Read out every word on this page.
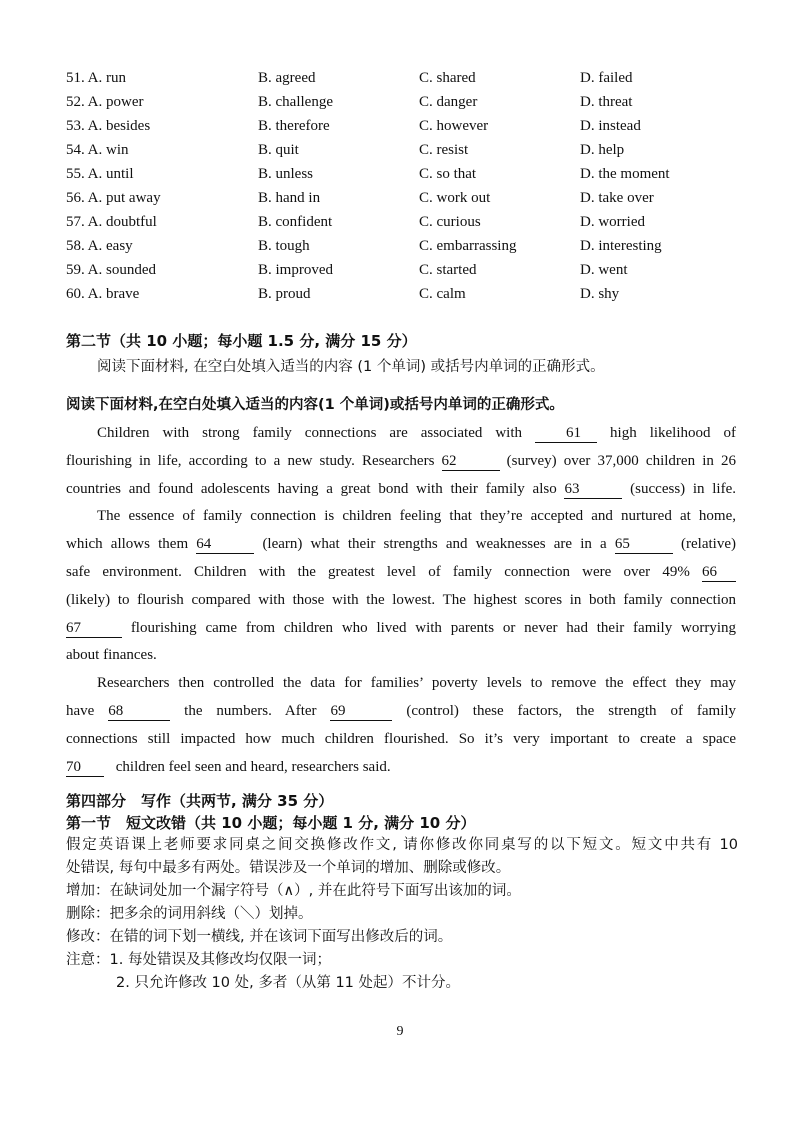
51. A. run	B. agreed	C. shared	D. failed
52. A. power	B. challenge	C. danger	D. threat
53. A. besides	B. therefore	C. however	D. instead
54. A. win	B. quit	C. resist	D. help
55. A. until	B. unless	C. so that	D. the moment
56. A. put away	B. hand in	C. work out	D. take over
57. A. doubtful	B. confident	C. curious	D. worried
58. A. easy	B. tough	C. embarrassing	D. interesting
59. A. sounded	B. improved	C. started	D. went
60. A. brave	B. proud	C. calm	D. shy
第二节（共 10 小题；每小题 1.5 分, 满分 15 分）
阅读下面材料, 在空白处填入适当的内容 (1 个单词) 或括号内单词的正确形式。
阅读下面材料,在空白处填入适当的内容(1 个单词)或括号内单词的正确形式。
Children with strong family connections are associated with	61 high likelihood of
flourishing in life, according to a new study. Researchers 62	(survey) over 37,000 children in 26
countries and found adolescents having a great bond with their family also 63	(success) in life.
The essence of family connection is children feeling that they’re accepted and nurtured at home,
which allows them 64	(learn) what their strengths and weaknesses are in a 65	(relative)
safe environment. Children with the greatest level of family connection were over 49% 66
(likely) to flourish compared with those with the lowest. The highest scores in both family connection
67	flourishing came from children who lived with parents or never had their family worrying
about finances.
Researchers then controlled the data for families’ poverty levels to remove the effect they may
have 68	the numbers. After 69	(control) these factors, the strength of family
connections still impacted how much children flourished. So it’s very important to create a space
70 children feel seen and heard, researchers said.
第四部分　写作（共两节, 满分 35 分）
第一节　短文改错（共 10 小题；每小题 1 分, 满分 10 分）
假定英语课上老师要求同桌之间交换修改作文, 请你修改你同桌写的以下短文。短文中共有 10
处错误, 每句中最多有两处。错误涉及一个单词的增加、删除或修改。
增加：在缺词处加一个漏字符号（∧）, 并在此符号下面写出该加的词。
删除：把多余的词用斜线（＼）划掉。
修改：在错的词下划一横线, 并在该词下面写出修改后的词。
注意：1. 每处错误及其修改均仅限一词；
2. 只允许修改 10 处, 多者（从第 11 处起）不计分。
9
